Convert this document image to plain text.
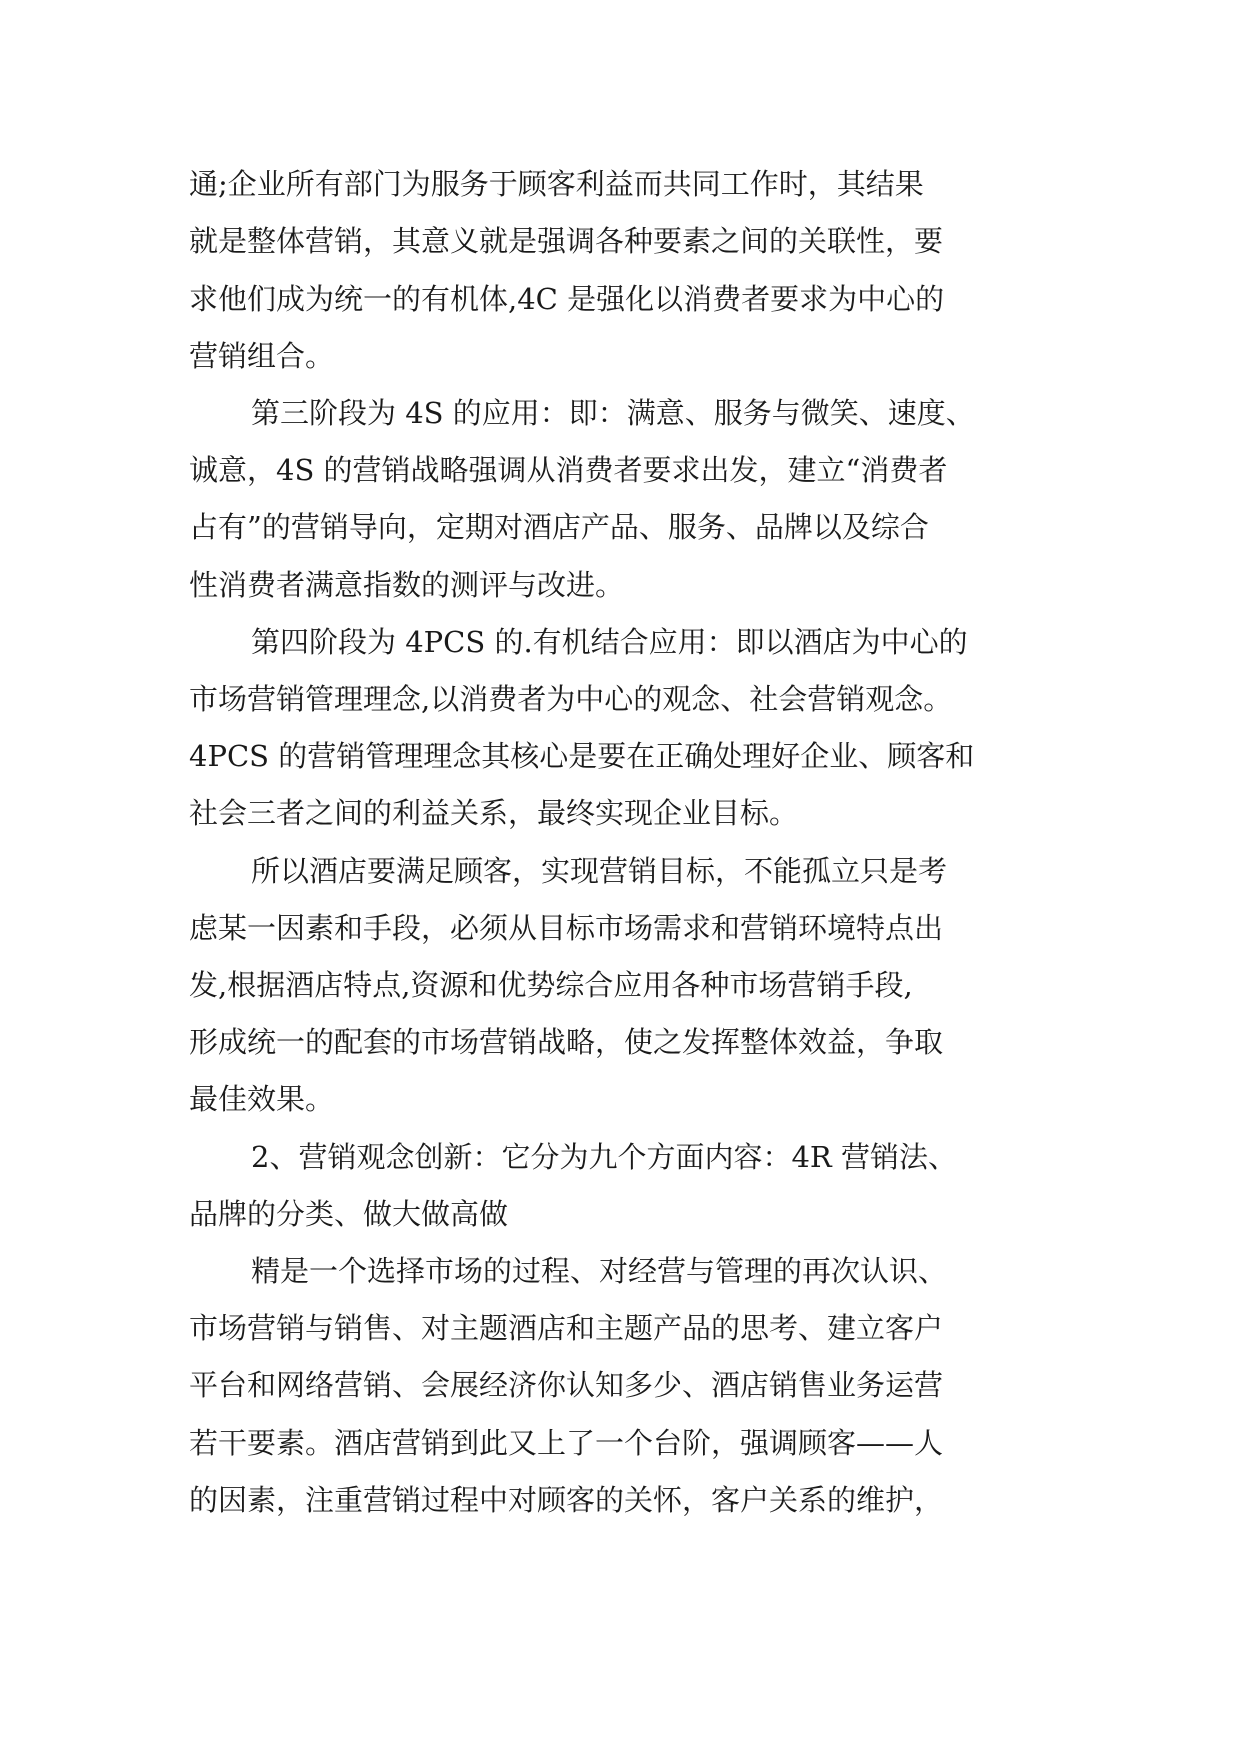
通;企业所有部门为服务于顾客利益而共同工作时，其结果
就是整体营销，其意义就是强调各种要素之间的关联性，要
求他们成为统一的有机体,4C 是强化以消费者要求为中心的
营销组合。
第三阶段为 4S 的应用：即：满意、服务与微笑、速度、
诚意，4S 的营销战略强调从消费者要求出发，建立“消费者
占有”的营销导向，定期对酒店产品、服务、品牌以及综合
性消费者满意指数的测评与改进。
第四阶段为 4PCS 的.有机结合应用：即以酒店为中心的
市场营销管理理念,以消费者为中心的观念、社会营销观念。
4PCS 的营销管理理念其核心是要在正确处理好企业、顾客和
社会三者之间的利益关系，最终实现企业目标。
所以酒店要满足顾客，实现营销目标，不能孤立只是考
虑某一因素和手段，必须从目标市场需求和营销环境特点出
发,根据酒店特点,资源和优势综合应用各种市场营销手段,
形成统一的配套的市场营销战略，使之发挥整体效益，争取
最佳效果。
2、营销观念创新：它分为九个方面内容：4R 营销法、
品牌的分类、做大做高做
精是一个选择市场的过程、对经营与管理的再次认识、
市场营销与销售、对主题酒店和主题产品的思考、建立客户
平台和网络营销、会展经济你认知多少、酒店销售业务运营
若干要素。酒店营销到此又上了一个台阶，强调顾客——人
的因素，注重营销过程中对顾客的关怀，客户关系的维护，
